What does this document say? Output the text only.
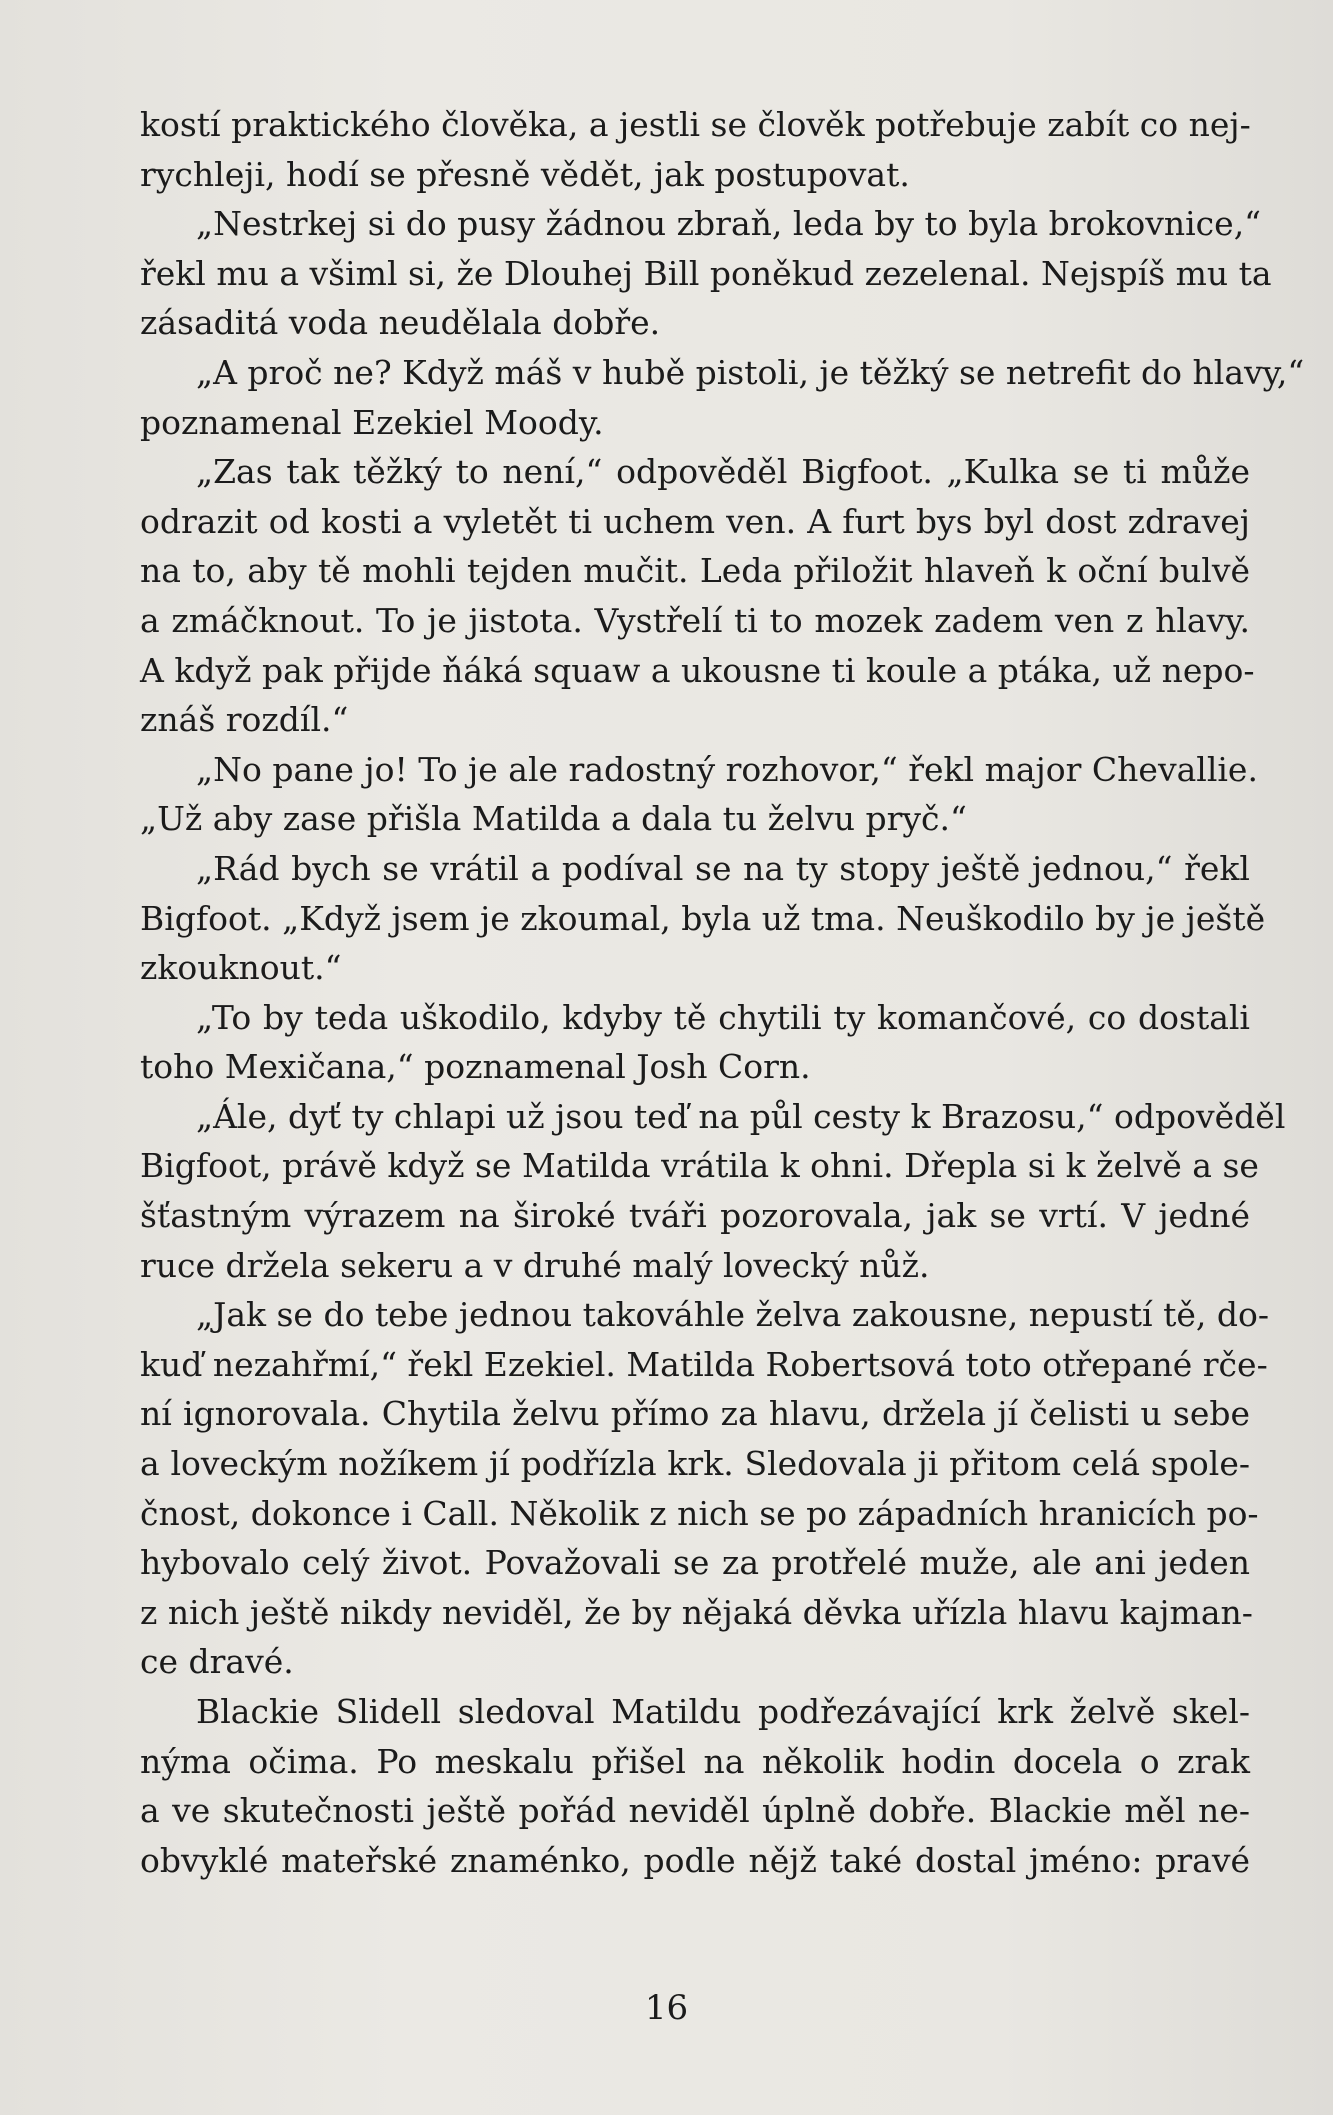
kostí praktického člověka, a jestli se člověk potřebuje zabít co nej-
rychleji, hodí se přesně vědět, jak postupovat.
„Nestrkej si do pusy žádnou zbraň, leda by to byla brokovnice,“
řekl mu a všiml si, že Dlouhej Bill poněkud zezelenal. Nejspíš mu ta
zásaditá voda neudělala dobře.
„A proč ne? Když máš v hubě pistoli, je těžký se netrefit do hlavy,“
poznamenal Ezekiel Moody.
„Zas tak těžký to není,“ odpověděl Bigfoot. „Kulka se ti může
odrazit od kosti a vyletět ti uchem ven. A furt bys byl dost zdravej
na to, aby tě mohli tejden mučit. Leda přiložit hlaveň k oční bulvě
a zmáčknout. To je jistota. Vystřelí ti to mozek zadem ven z hlavy.
A když pak přijde ňáká squaw a ukousne ti koule a ptáka, už nepo-
znáš rozdíl.“
„No pane jo! To je ale radostný rozhovor,“ řekl major Chevallie.
„Už aby zase přišla Matilda a dala tu želvu pryč.“
„Rád bych se vrátil a podíval se na ty stopy ještě jednou,“ řekl
Bigfoot. „Když jsem je zkoumal, byla už tma. Neuškodilo by je ještě
zkouknout.“
„To by teda uškodilo, kdyby tě chytili ty komančové, co dostali
toho Mexičana,“ poznamenal Josh Corn.
„Ále, dyť ty chlapi už jsou teď na půl cesty k Brazosu,“ odpověděl
Bigfoot, právě když se Matilda vrátila k ohni. Dřepla si k želvě a se
šťastným výrazem na široké tváři pozorovala, jak se vrtí. V jedné
ruce držela sekeru a v druhé malý lovecký nůž.
„Jak se do tebe jednou takováhle želva zakousne, nepustí tě, do-
kuď nezahřmí,“ řekl Ezekiel. Matilda Robertsová toto otřepané rče-
ní ignorovala. Chytila želvu přímo za hlavu, držela jí čelisti u sebe
a loveckým nožíkem jí podřízla krk. Sledovala ji přitom celá spole-
čnost, dokonce i Call. Několik z nich se po západních hranicích po-
hybovalo celý život. Považovali se za protřelé muže, ale ani jeden
z nich ještě nikdy neviděl, že by nějaká děvka uřízla hlavu kajman-
ce dravé.
Blackie Slidell sledoval Matildu podřezávající krk želvě skel-
nýma očima. Po meskalu přišel na několik hodin docela o zrak
a ve skutečnosti ještě pořád neviděl úplně dobře. Blackie měl ne-
obvyklé mateřské znaménko, podle nějž také dostal jméno: pravé
16
